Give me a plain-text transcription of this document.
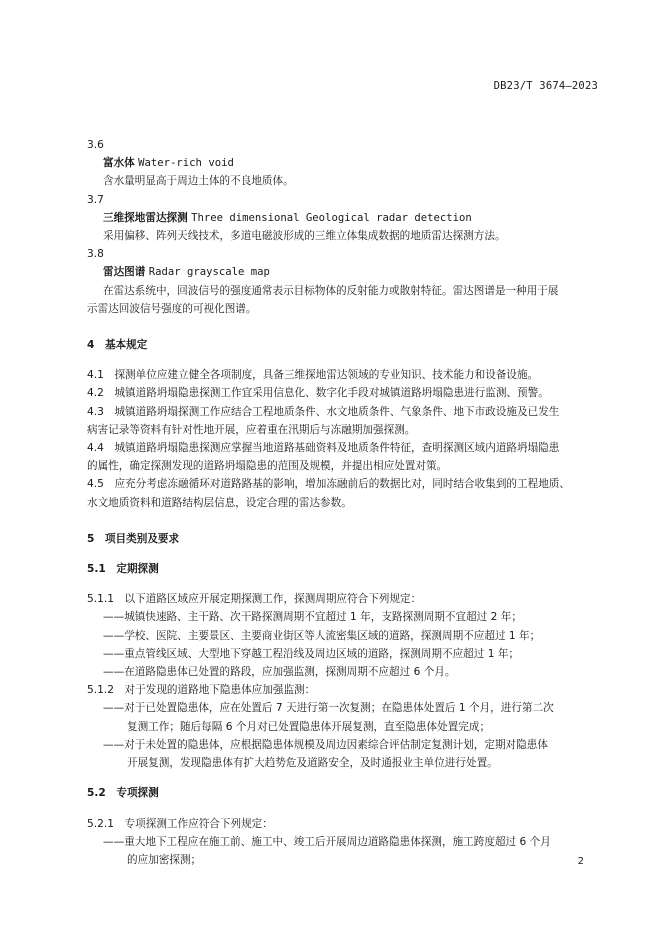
DB23/T 3674—2023
3.6
富水体 Water-rich void
含水量明显高于周边土体的不良地质体。
3.7
三维探地雷达探测 Three dimensional Geological radar detection
采用偏移、阵列天线技术，多道电磁波形成的三维立体集成数据的地质雷达探测方法。
3.8
雷达图谱 Radar grayscale map
在雷达系统中，回波信号的强度通常表示目标物体的反射能力或散射特征。雷达图谱是一种用于展
示雷达回波信号强度的可视化图谱。
4　基本规定
4.1　探测单位应建立健全各项制度，具备三维探地雷达领域的专业知识、技术能力和设备设施。
4.2　城镇道路坍塌隐患探测工作宜采用信息化、数字化手段对城镇道路坍塌隐患进行监测、预警。
4.3　城镇道路坍塌探测工作应结合工程地质条件、水文地质条件、气象条件、地下市政设施及已发生
病害记录等资料有针对性地开展，应着重在汛期后与冻融期加强探测。
4.4　城镇道路坍塌隐患探测应掌握当地道路基础资料及地质条件特征，查明探测区域内道路坍塌隐患
的属性，确定探测发现的道路坍塌隐患的范围及规模，并提出相应处置对策。
4.5　应充分考虑冻融循环对道路路基的影响，增加冻融前后的数据比对，同时结合收集到的工程地质、
水文地质资料和道路结构层信息，设定合理的雷达参数。
5　项目类别及要求
5.1　定期探测
5.1.1　以下道路区域应开展定期探测工作，探测周期应符合下列规定：
——城镇快速路、主干路、次干路探测周期不宜超过 1 年，支路探测周期不宜超过 2 年；
——学校、医院、主要景区、主要商业街区等人流密集区域的道路，探测周期不应超过 1 年；
——重点管线区域、大型地下穿越工程沿线及周边区域的道路，探测周期不应超过 1 年；
——在道路隐患体已处置的路段，应加强监测，探测周期不应超过 6 个月。
5.1.2　对于发现的道路地下隐患体应加强监测：
——对于已处置隐患体，应在处置后 7 天进行第一次复测；在隐患体处置后 1 个月，进行第二次
复测工作；随后每隔 6 个月对已处置隐患体开展复测，直至隐患体处置完成；
——对于未处置的隐患体，应根据隐患体规模及周边因素综合评估制定复测计划，定期对隐患体
开展复测，发现隐患体有扩大趋势危及道路安全，及时通报业主单位进行处置。
5.2　专项探测
5.2.1　专项探测工作应符合下列规定：
——重大地下工程应在施工前、施工中、竣工后开展周边道路隐患体探测，施工跨度超过 6 个月
的应加密探测；	2
